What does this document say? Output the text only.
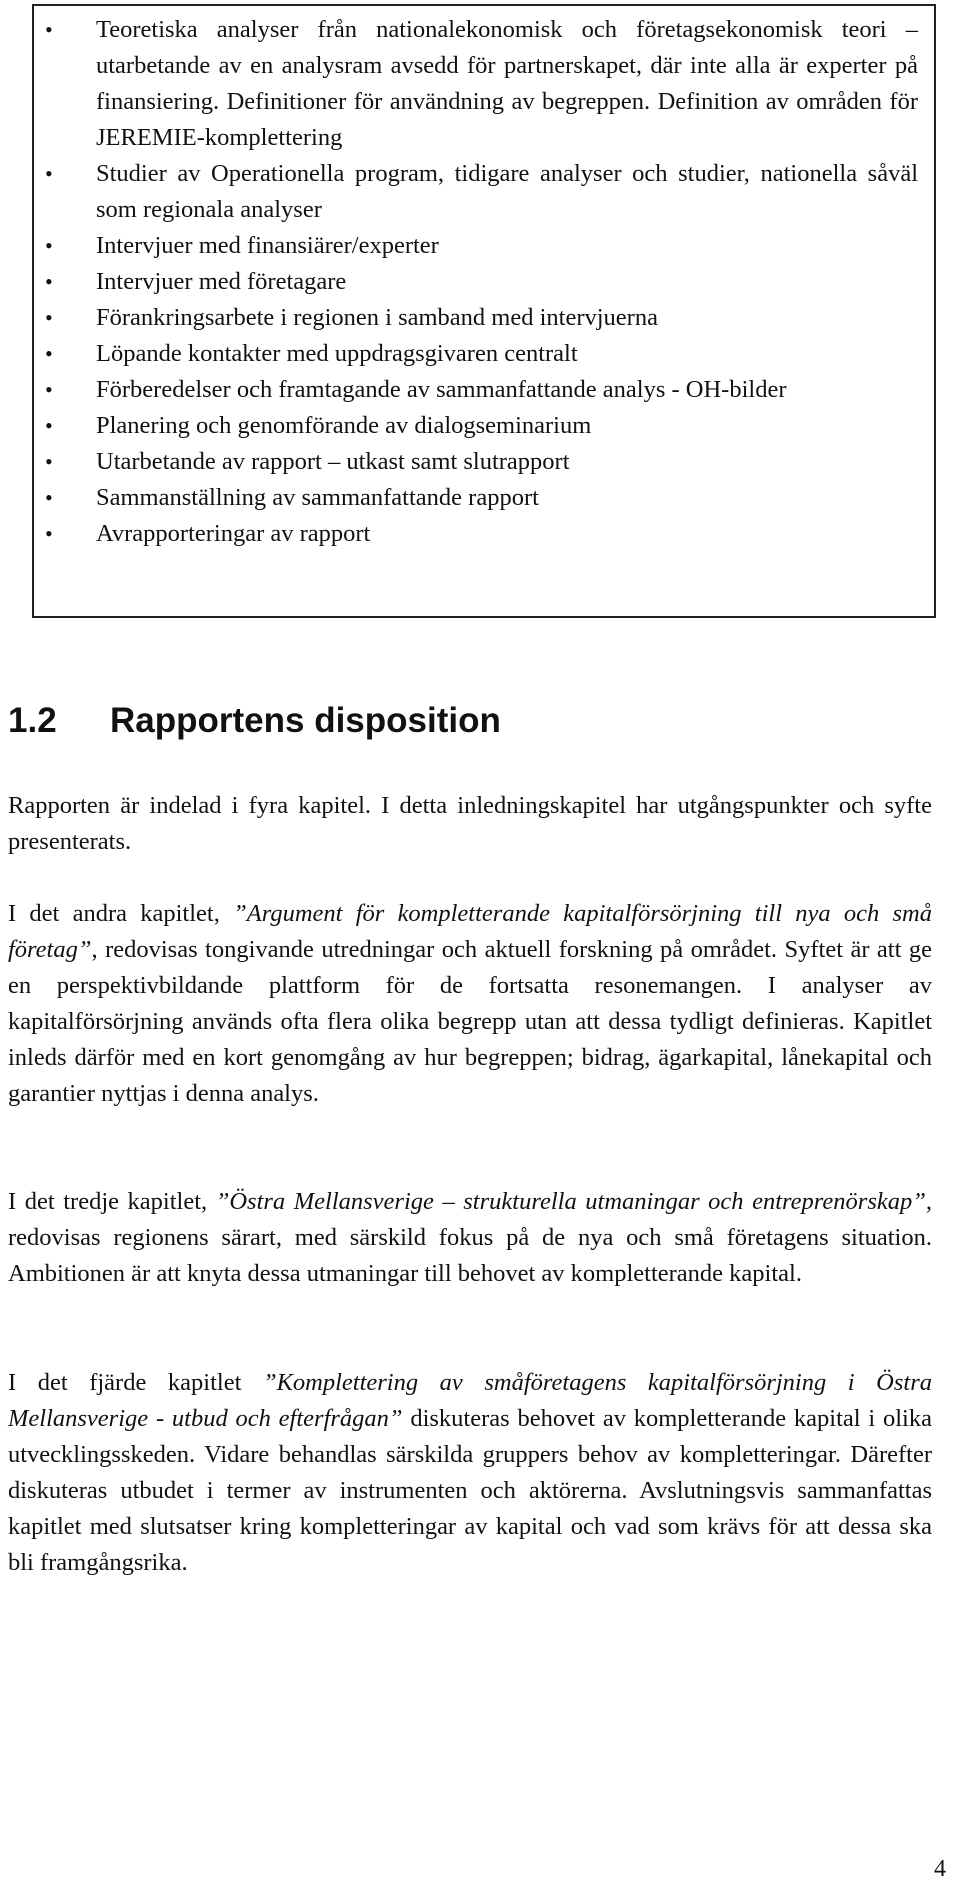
•	Teoretiska analyser från nationalekonomisk och företagsekonomisk teori – utarbetande av en analysram avsedd för partnerskapet, där inte alla är experter på finansiering. Definitioner för användning av begreppen. Definition av områden för JEREMIE-komplettering
•	Studier av Operationella program, tidigare analyser och studier, nationella såväl som regionala analyser
•	Intervjuer med finansiärer/experter
•	Intervjuer med företagare
•	Förankringsarbete i regionen i samband med intervjuerna
•	Löpande kontakter med uppdragsgivaren centralt
•	Förberedelser och framtagande av sammanfattande analys - OH-bilder
•	Planering och genomförande av dialogseminarium
•	Utarbetande av rapport – utkast samt slutrapport
•	Sammanställning av sammanfattande rapport
•	Avrapporteringar av rapport
1.2 Rapportens disposition

Rapporten är indelad i fyra kapitel. I detta inledningskapitel har utgångspunkter och syfte presenterats.

I det andra kapitlet, ”Argument för kompletterande kapitalförsörjning till nya och små företag”, redovisas tongivande utredningar och aktuell forskning på området. Syftet är att ge en perspektivbildande plattform för de fortsatta resonemangen. I analyser av kapitalförsörjning används ofta flera olika begrepp utan att dessa tydligt definieras. Kapitlet inleds därför med en kort genomgång av hur begreppen; bidrag, ägarkapital, lånekapital och garantier nyttjas i denna analys.

I det tredje kapitlet, ”Östra Mellansverige – strukturella utmaningar och entreprenörskap”, redovisas regionens särart, med särskild fokus på de nya och små företagens situation. Ambitionen är att knyta dessa utmaningar till behovet av kompletterande kapital.

I det fjärde kapitlet ”Komplettering av småföretagens kapitalförsörjning i Östra Mellansverige - utbud och efterfrågan” diskuteras behovet av kompletterande kapital i olika utvecklingsskeden. Vidare behandlas särskilda gruppers behov av kompletteringar. Därefter diskuteras utbudet i termer av instrumenten och aktörerna. Avslutningsvis sammanfattas kapitlet med slutsatser kring kompletteringar av kapital och vad som krävs för att dessa ska bli framgångsrika.

4
